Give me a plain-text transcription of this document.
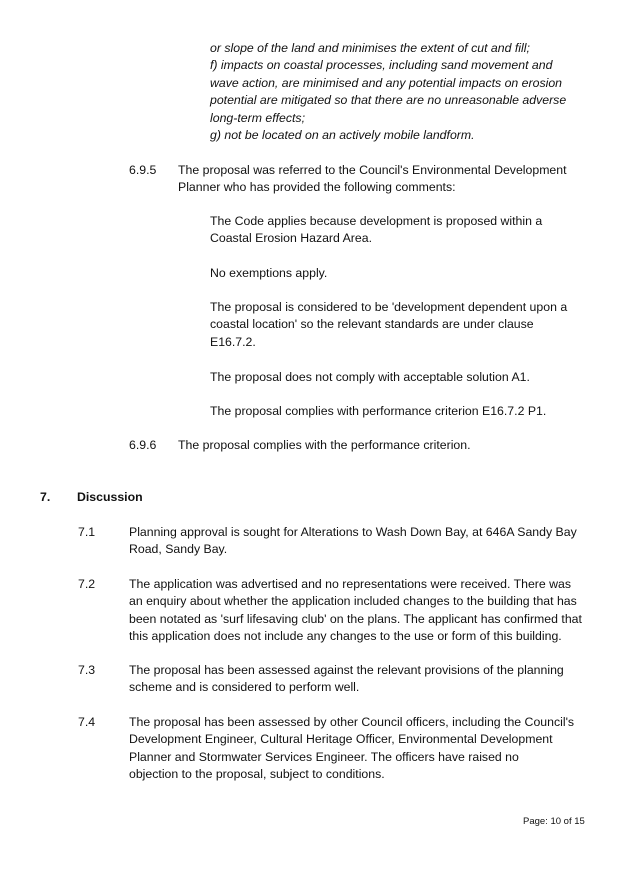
or slope of the land and minimises the extent of cut and fill;

f) impacts on coastal processes, including sand movement and

wave action, are minimised and any potential impacts on erosion

potential are mitigated so that there are no unreasonable adverse

long-term effects;

g) not be located on an actively mobile landform.

6.9.5 The proposal was referred to the Council's Environmental Development

Planner who has provided the following comments:

The Code applies because development is proposed within a

Coastal Erosion Hazard Area.

No exemptions apply.

The proposal is considered to be 'development dependent upon a

coastal location' so the relevant standards are under clause

E16.7.2.

The proposal does not comply with acceptable solution A1.

The proposal complies with performance criterion E16.7.2 P1.

6.9.6 The proposal complies with the performance criterion.

7. Discussion
7.1	Planning approval is sought for Alterations to Wash Down Bay, at 646A Sandy Bay

Road, Sandy Bay.

7.2	The application was advertised and no representations were received. There was

an enquiry about whether the application included changes to the building that has

been notated as 'surf lifesaving club' on the plans. The applicant has confirmed that

this application does not include any changes to the use or form of this building.

7.3	The proposal has been assessed against the relevant provisions of the planning

scheme and is considered to perform well.

7.4	The proposal has been assessed by other Council officers, including the Council's

Development Engineer, Cultural Heritage Officer, Environmental Development

Planner and Stormwater Services Engineer. The officers have raised no

objection to the proposal, subject to conditions.

Page: 10 of 15
